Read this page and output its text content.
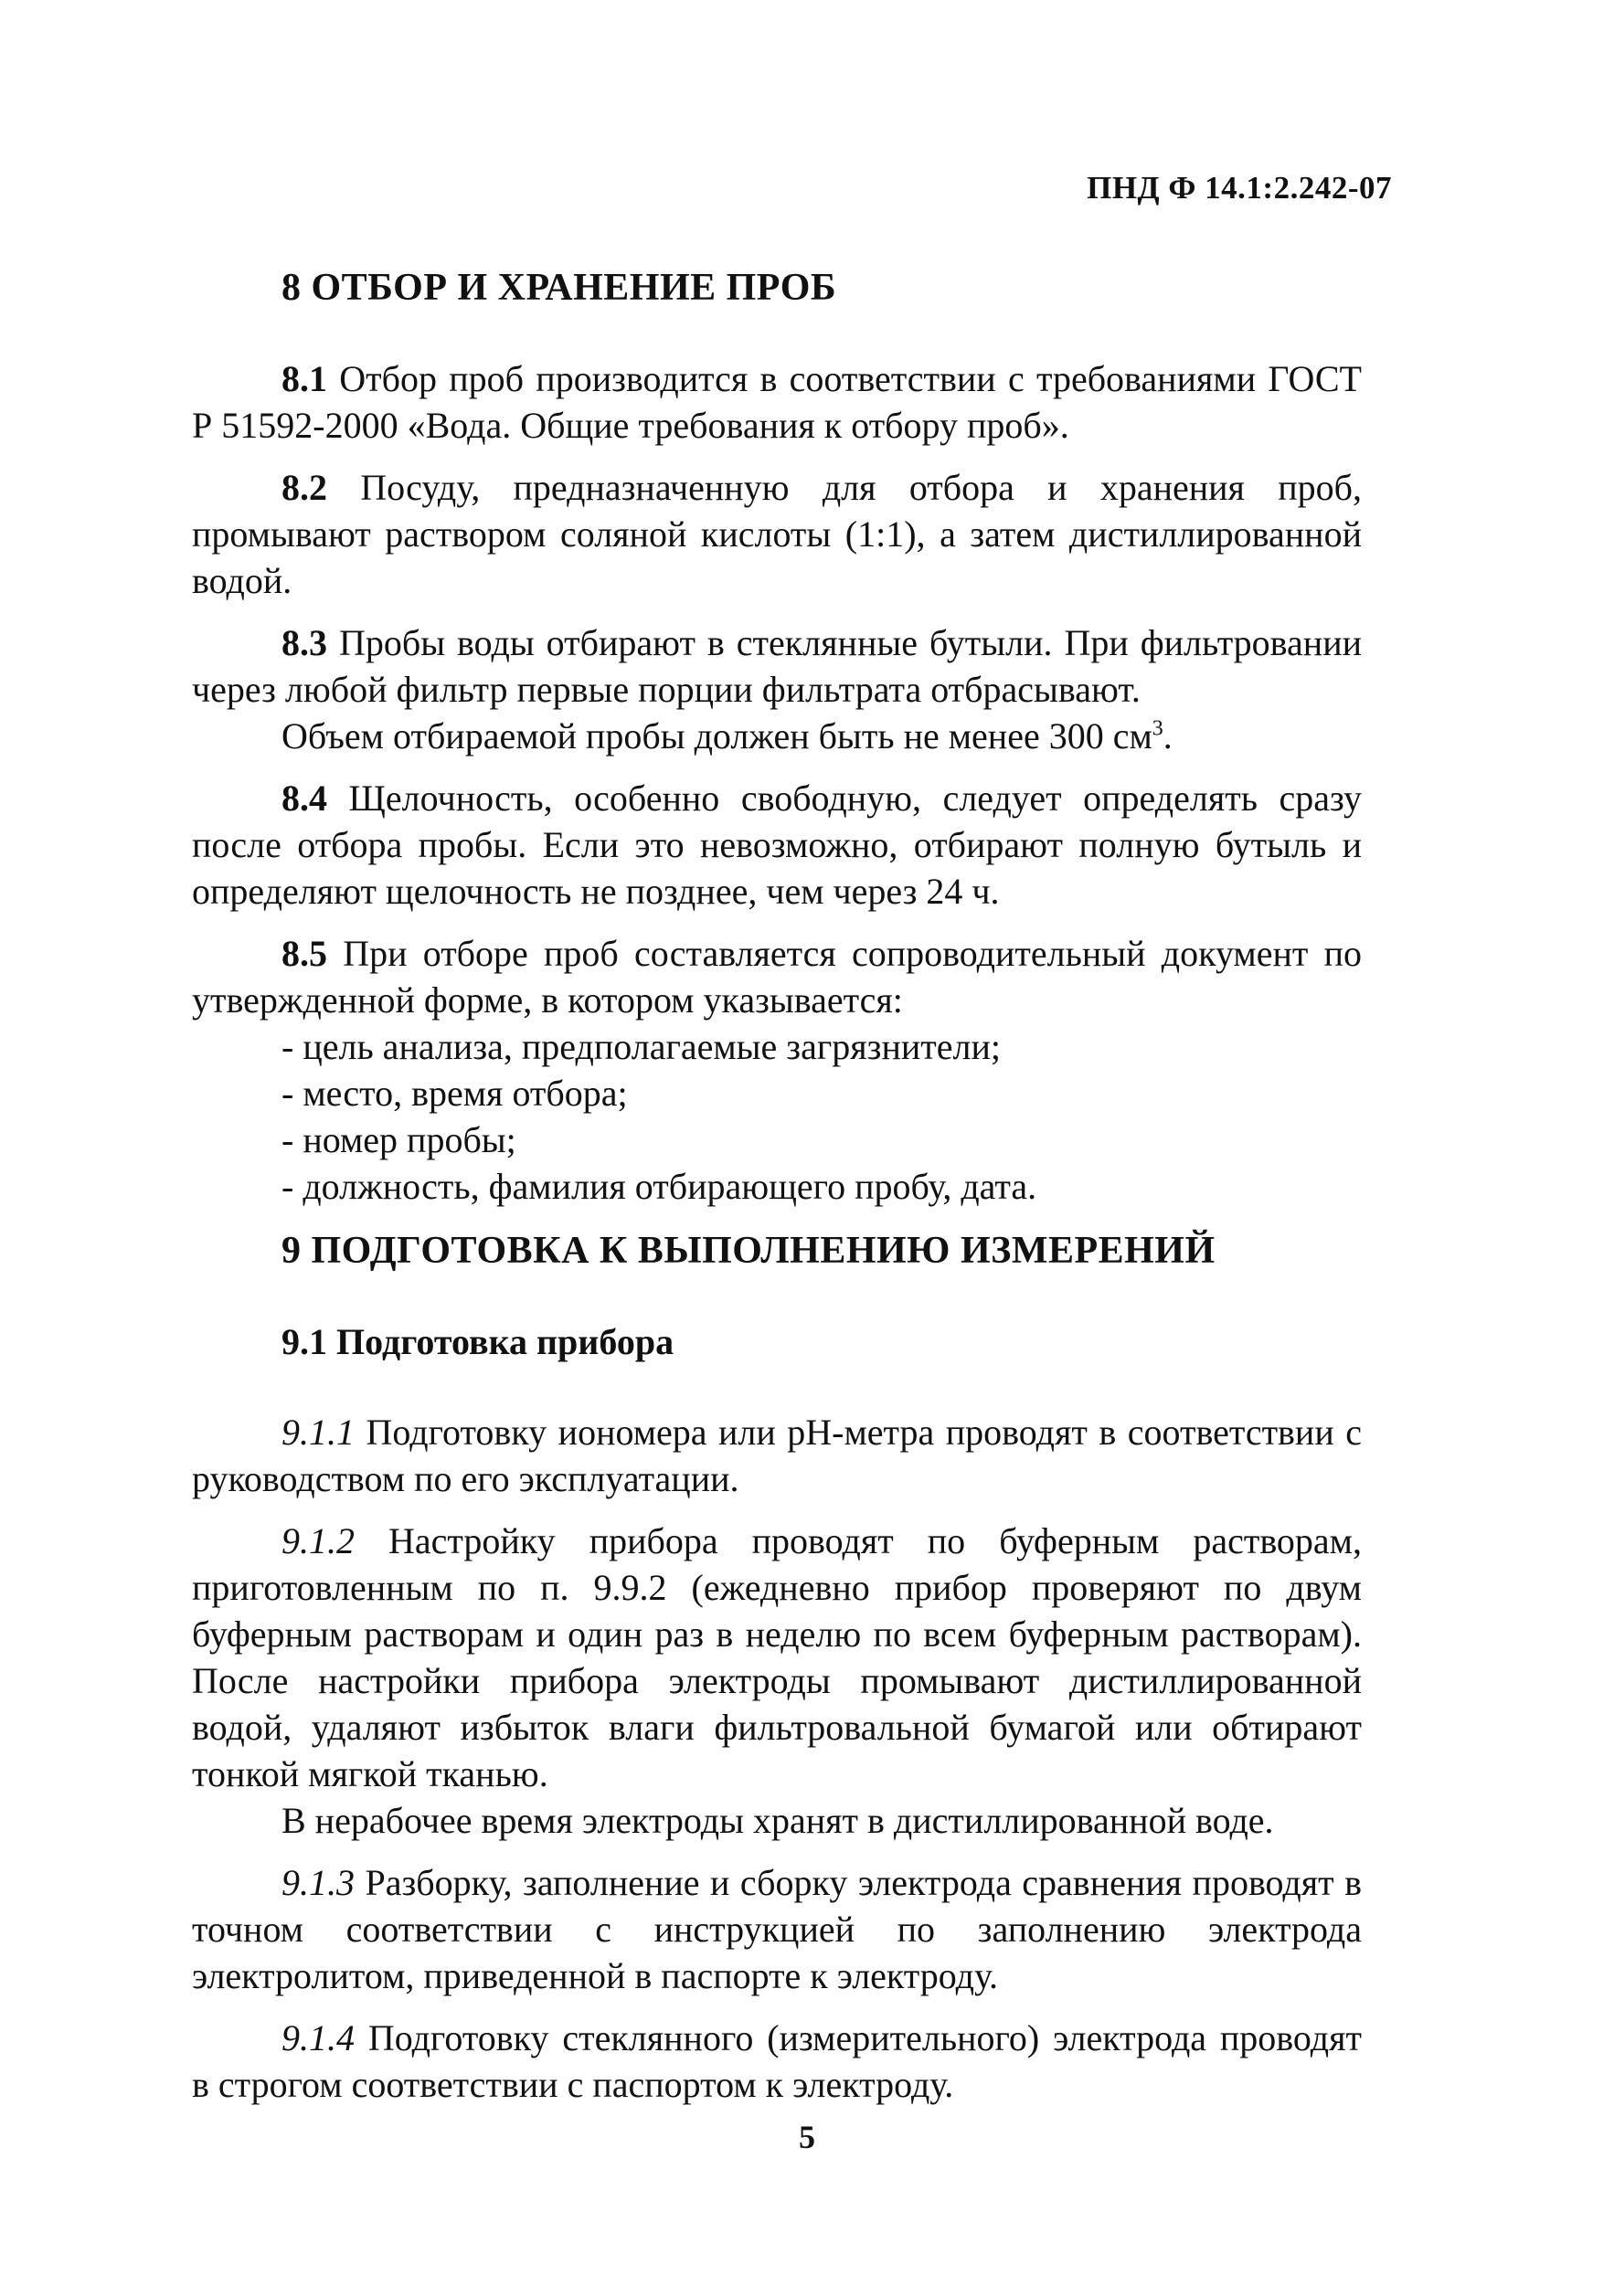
ПНД Ф 14.1:2.242-07
8 ОТБОР И ХРАНЕНИЕ ПРОБ

8.1 Отбор проб производится в соответствии с требованиями ГОСТ Р 51592-2000 «Вода. Общие требования к отбору проб».

8.2 Посуду, предназначенную для отбора и хранения проб, промывают раствором соляной кислоты (1:1), а затем дистиллированной водой.

8.3 Пробы воды отбирают в стеклянные бутыли. При фильтровании через любой фильтр первые порции фильтрата отбрасывают.

Объем отбираемой пробы должен быть не менее 300 $см^3$.

8.4 Щелочность, особенно свободную, следует определять сразу после отбора пробы. Если это невозможно, отбирают полную бутыль и определяют щелочность не позднее, чем через 24 ч.

8.5 При отборе проб составляется сопроводительный документ по утвержденной форме, в котором указывается:

- цель анализа, предполагаемые загрязнители;
- место, время отбора;
- номер пробы;
- должность, фамилия отбирающего пробу, дата.
9 ПОДГОТОВКА К ВЫПОЛНЕНИЮ ИЗМЕРЕНИЙ
9.1 Подготовка прибора

9.1.1 Подготовку иономера или pH-метра проводят в соответствии с руководством по его эксплуатации.

9.1.2 Настройку прибора проводят по буферным растворам, приготовленным по п. 9.9.2 (ежедневно прибор проверяют по двум буферным растворам и один раз в неделю по всем буферным растворам). После настройки прибора электроды промывают дистиллированной водой, удаляют избыток влаги фильтровальной бумагой или обтирают тонкой мягкой тканью.

В нерабочее время электроды хранят в дистиллированной воде.

9.1.3 Разборку, заполнение и сборку электрода сравнения проводят в точном соответствии с инструкцией по заполнению электрода электролитом, приведенной в паспорте к электроду.

9.1.4 Подготовку стеклянного (измерительного) электрода проводят в строгом соответствии с паспортом к электроду.

5
